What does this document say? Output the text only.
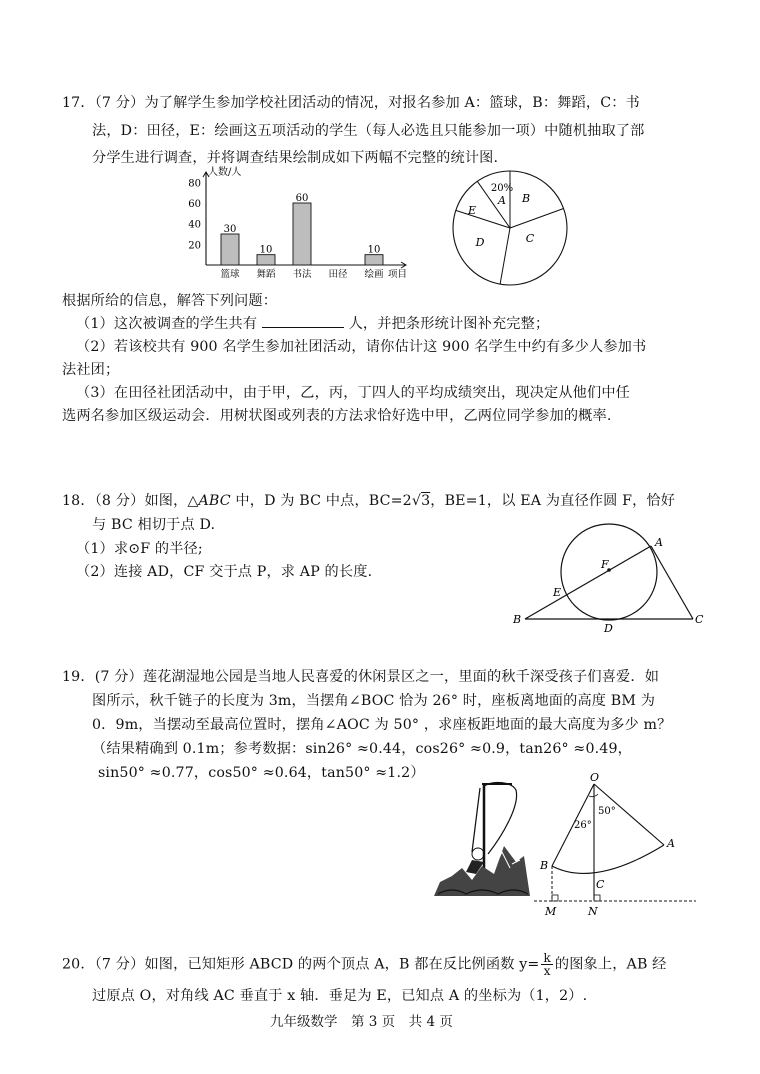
17．（7 分）为了解学生参加学校社团活动的情况，对报名参加 A：篮球，B：舞蹈，C：书
法，D：田径，E：绘画这五项活动的学生（每人必选且只能参加一项）中随机抽取了部
分学生进行调查，并将调查结果绘制成如下两幅不完整的统计图.
人数/人
项目
20
40
60
80
30
篮球
10
舞蹈
60
书法 田径
10
绘画
A
20%
B
C
D
E
根据所给的信息，解答下列问题：
（1）这次被调查的学生共有	人，并把条形统计图补充完整；
（2）若该校共有 900 名学生参加社团活动，请你估计这 900 名学生中约有多少人参加书
法社团；
（3）在田径社团活动中，由于甲，乙，丙，丁四人的平均成绩突出，现决定从他们中任
选两名参加区级运动会．用树状图或列表的方法求恰好选中甲，乙两位同学参加的概率.
18．（8 分）如图，△ABC 中，D 为 BC 中点，BC=2√3，BE=1，以 EA 为直径作圆 F，恰好
与 BC 相切于点 D.
（1）求⊙F 的半径;
（2）连接 AD，CF 交于点 P，求 AP 的长度.
A
B	C
D
E
F
19．(7 分）莲花湖湿地公园是当地人民喜爱的休闲景区之一，里面的秋千深受孩子们喜爱．如
图所示，秋千链子的长度为 3m，当摆角∠BOC 恰为 26° 时，座板离地面的高度 BM 为
0．9m，当摆动至最高位置时，摆角∠AOC 为 50° ，求座板距地面的最大高度为多少 m？
（结果精确到 0.1m；参考数据：sin26° ≈0.44，cos26° ≈0.9，tan26° ≈0.49，
sin50° ≈0.77，cos50° ≈0.64，tan50° ≈1.2）	O
A
B
C
M	N
26°
50°
20．（7 分）如图，已知矩形 ABCD 的两个顶点 A，B 都在反比例函数 $y= \frac{k}{x}$ 的图象上，AB 经
过原点 O，对角线 AC 垂直于 x 轴．垂足为 E，已知点 A 的坐标为（1，2）.
九年级数学　第 3 页　共 4 页
